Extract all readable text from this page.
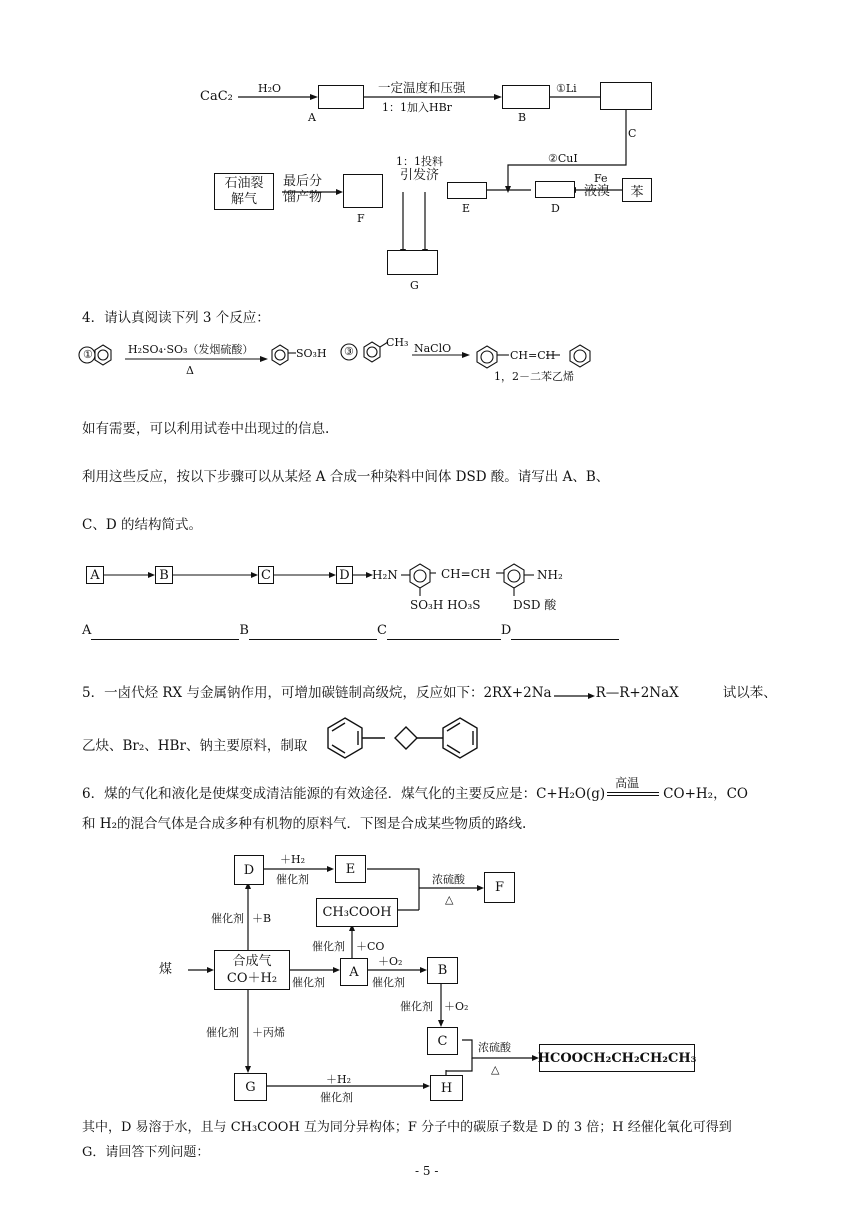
CaC₂
H₂O
A
一定温度和压强
1：1加入HBr
B
①Li
C
②CuI
1：1投料
引发济
E	D
Fe
液溴 苯
石油裂解气
最后分馏产物
F
G
4．请认真阅读下列 3 个反应：
①	H₂SO₄·SO₃（发烟硫酸）
Δ
SO₃H ③
CH₃ NaClO
CH=CH
1，2－二苯乙烯
如有需要，可以利用试卷中出现过的信息.
利用这些反应，按以下步骤可以从某烃 A 合成一种染料中间体 DSD 酸。请写出 A、B、
C、D 的结构简式。
A	B	C	D H₂N	CH=CH	NH₂
SO₃H HO₃S	DSD 酸
A	B	C	D
5．一卤代烃 RX 与金属钠作用，可增加碳链制高级烷，反应如下：2RX+2Na	R—R+2NaX	试以苯、
乙炔、Br₂、HBr、钠主要原料，制取
6．煤的气化和液化是使煤变成清洁能源的有效途径．煤气化的主要反应是：C+H₂O(g)
高温
CO+H₂，CO
和 H₂的混合气体是合成多种有机物的原料气．下图是合成某些物质的路线.
D
＋H₂
催化剂
E
浓硫酸
△
F
CH₃COOH
催化剂 ＋B
催化剂 ＋CO
煤
合成气
CO＋H₂ 催化剂
A
＋O₂
催化剂
B
催化剂 ＋O₂
C	浓硫酸
△
HCOOCH₂CH₂CH₂CH₃
催化剂 ＋丙烯
G	＋H₂
催化剂
H
其中，D 易溶于水，且与 CH₃COOH 互为同分异构体；F 分子中的碳原子数是 D 的 3 倍；H 经催化氧化可得到
G．请回答下列问题：
- 5 -
